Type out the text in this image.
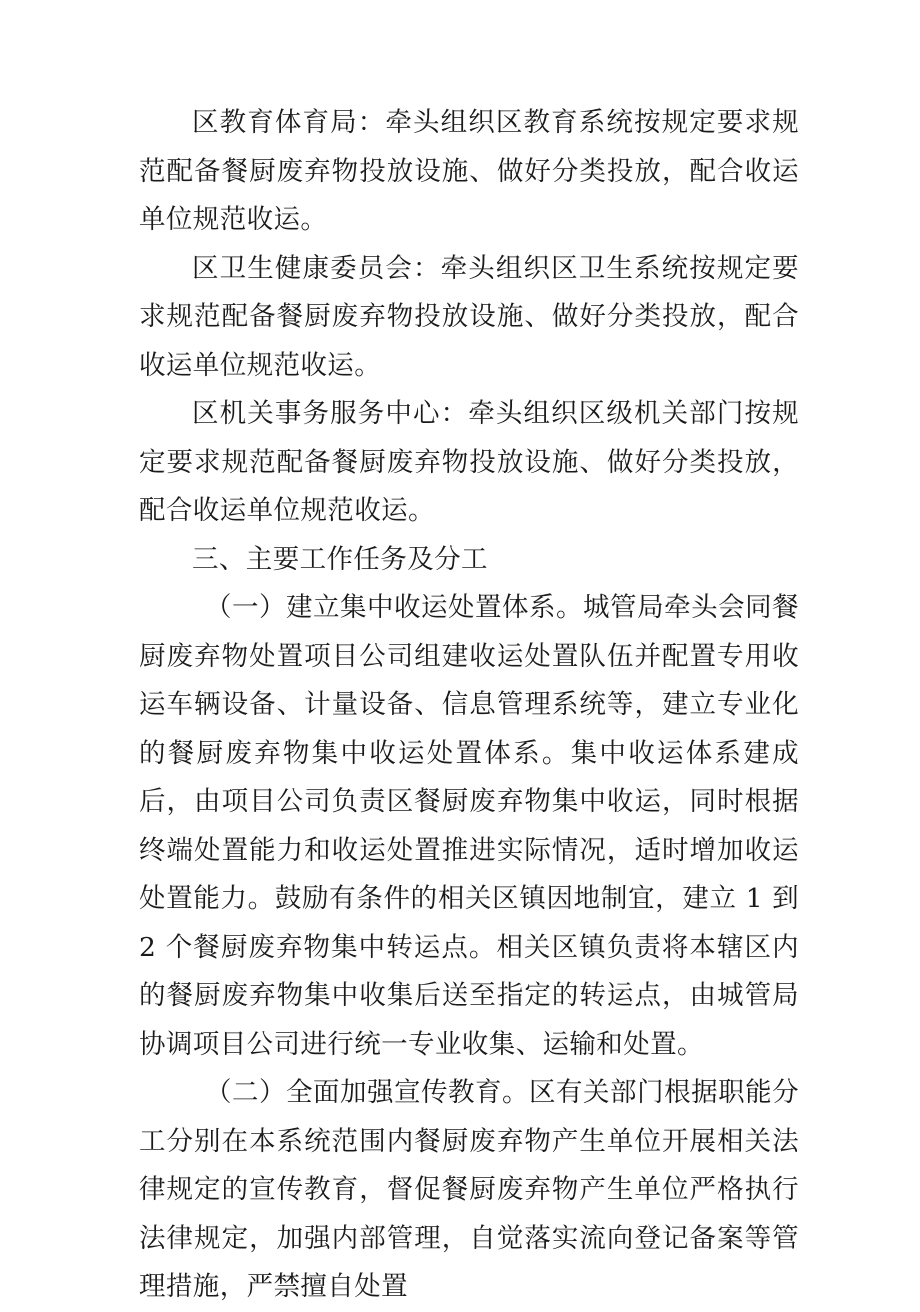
区教育体育局：牵头组织区教育系统按规定要求规范配备餐厨废弃物投放设施、做好分类投放，配合收运单位规范收运。

区卫生健康委员会：牵头组织区卫生系统按规定要求规范配备餐厨废弃物投放设施、做好分类投放，配合收运单位规范收运。

区机关事务服务中心：牵头组织区级机关部门按规定要求规范配备餐厨废弃物投放设施、做好分类投放，配合收运单位规范收运。

三、主要工作任务及分工

（一）建立集中收运处置体系。城管局牵头会同餐厨废弃物处置项目公司组建收运处置队伍并配置专用收运车辆设备、计量设备、信息管理系统等，建立专业化的餐厨废弃物集中收运处置体系。集中收运体系建成后，由项目公司负责区餐厨废弃物集中收运，同时根据终端处置能力和收运处置推进实际情况，适时增加收运处置能力。鼓励有条件的相关区镇因地制宜，建立 1 到 2 个餐厨废弃物集中转运点。相关区镇负责将本辖区内的餐厨废弃物集中收集后送至指定的转运点，由城管局协调项目公司进行统一专业收集、运输和处置。

（二）全面加强宣传教育。区有关部门根据职能分工分别在本系统范围内餐厨废弃物产生单位开展相关法律规定的宣传教育，督促餐厨废弃物产生单位严格执行法律规定，加强内部管理，自觉落实流向登记备案等管理措施，严禁擅自处置
